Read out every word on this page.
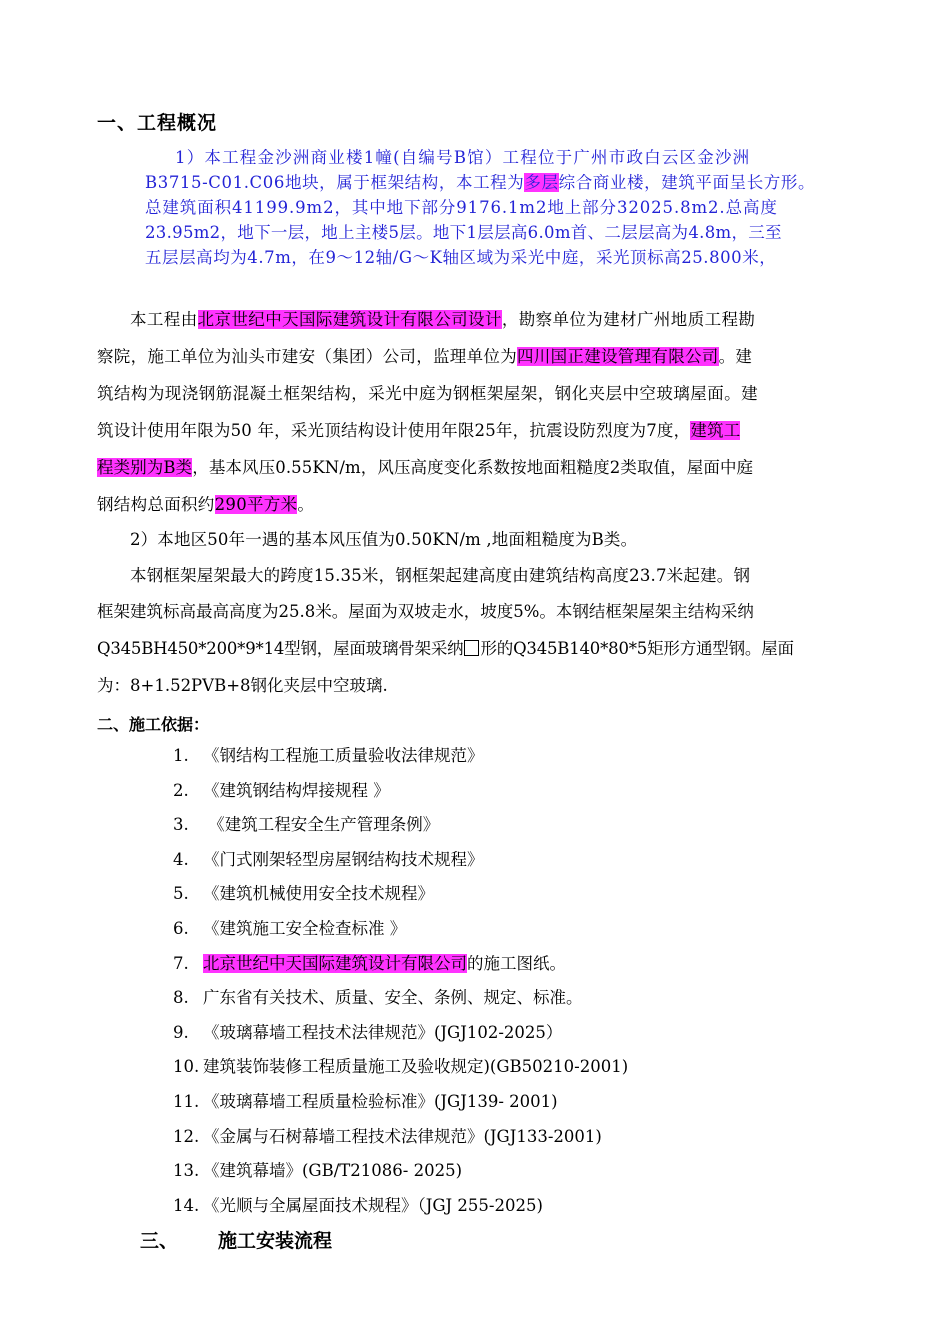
一、工程概况
1）本工程金沙洲商业楼1幢(自编号B馆）工程位于广州市政白云区金沙洲
B3715-C01.C06地块，属于框架结构，本工程为多层综合商业楼，建筑平面呈长方形。
总建筑面积41199.9m2，其中地下部分9176.1m2地上部分32025.8m2.总高度
23.95m2，地下一层，地上主楼5层。地下1层层高6.0m首、二层层高为4.8m，三至
五层层高均为4.7m，在9～12轴/G～K轴区域为采光中庭，采光顶标高25.800米，
本工程由北京世纪中天国际建筑设计有限公司设计，勘察单位为建材广州地质工程勘
察院，施工单位为汕头市建安（集团）公司，监理单位为四川国正建设管理有限公司。建
筑结构为现浇钢筋混凝土框架结构，采光中庭为钢框架屋架，钢化夹层中空玻璃屋面。建
筑设计使用年限为50 年，采光顶结构设计使用年限25年，抗震设防烈度为7度，建筑工
程类别为B类，基本风压0.55KN/m，风压高度变化系数按地面粗糙度2类取值，屋面中庭
钢结构总面积约290平方米。
2）本地区50年一遇的基本风压值为0.50KN/m ,地面粗糙度为B类。
本钢框架屋架最大的跨度15.35米，钢框架起建高度由建筑结构高度23.7米起建。钢
框架建筑标高最高高度为25.8米。屋面为双坡走水，坡度5%。本钢结框架屋架主结构采纳
Q345BH450*200*9*14型钢，屋面玻璃骨架采纳 形的Q345B140*80*5矩形方通型钢。屋面
为：8+1.52PVB+8钢化夹层中空玻璃.
二、施工依据：
1. 《钢结构工程施工质量验收法律规范》
2. 《建筑钢结构焊接规程 》
3. 《建筑工程安全生产管理条例》
4. 《门式刚架轻型房屋钢结构技术规程》
5. 《建筑机械使用安全技术规程》
6. 《建筑施工安全检查标准 》
7. 北京世纪中天国际建筑设计有限公司的施工图纸。
8. 广东省有关技术、质量、安全、条例、规定、标准。
9. 《玻璃幕墙工程技术法律规范》(JGJ102-2025）
10. 建筑装饰装修工程质量施工及验收规定)(GB50210-2001)
11. 《玻璃幕墙工程质量检验标准》(JGJ139- 2001)
12. 《金属与石树幕墙工程技术法律规范》(JGJ133-2001)
13. 《建筑幕墙》(GB/T21086- 2025)
14. 《光顺与全属屋面技术规程》（JGJ 255-2025)
三、 施工安装流程
